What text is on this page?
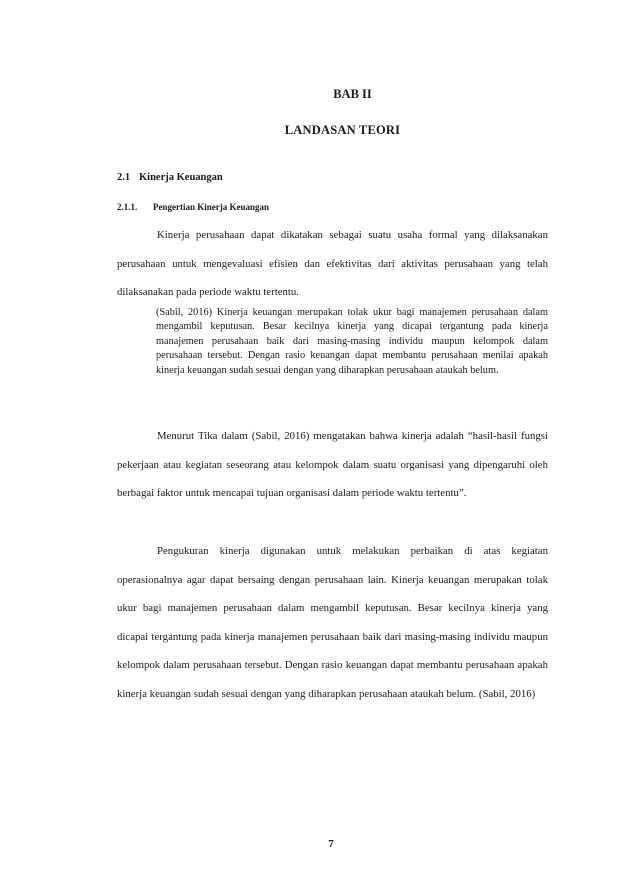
BAB II
LANDASAN TEORI
2.1 Kinerja Keuangan
2.1.1. Pengertian Kinerja Keuangan

Kinerja perusahaan dapat dikatakan sebagai suatu usaha formal yang dilaksanakan perusahaan untuk mengevaluasi efisien dan efektivitas dari aktivitas perusahaan yang telah dilaksanakan pada periode waktu tertentu.

(Sabil, 2016) Kinerja keuangan merupakan tolak ukur bagi manajemen perusahaan dalam mengambil keputusan. Besar kecilnya kinerja yang dicapai tergantung pada kinerja manajemen perusahaan baik dari masing-masing individu maupun kelompok dalam perusahaan tersebut. Dengan rasio keuangan dapat membantu perusahaan menilai apakah kinerja keuangan sudah sesuai dengan yang diharapkan perusahaan ataukah belum.

Menurut Tika dalam (Sabil, 2016) mengatakan bahwa kinerja adalah “hasil-hasil fungsi pekerjaan atau kegiatan seseorang atau kelompok dalam suatu organisasi yang dipengaruhi oleh berbagai faktor untuk mencapai tujuan organisasi dalam periode waktu tertentu”.

Pengukuran kinerja digunakan untuk melakukan perbaikan di atas kegiatan operasionalnya agar dapat bersaing dengan perusahaan lain. Kinerja keuangan merupakan tolak ukur bagi manajemen perusahaan dalam mengambil keputusan. Besar kecilnya kinerja yang dicapai tergantung pada kinerja manajemen perusahaan baik dari masing-masing individu maupun kelompok dalam perusahaan tersebut. Dengan rasio keuangan dapat membantu perusahaan apakah kinerja keuangan sudah sesuai dengan yang diharapkan perusahaan ataukah belum. (Sabil, 2016)

7
